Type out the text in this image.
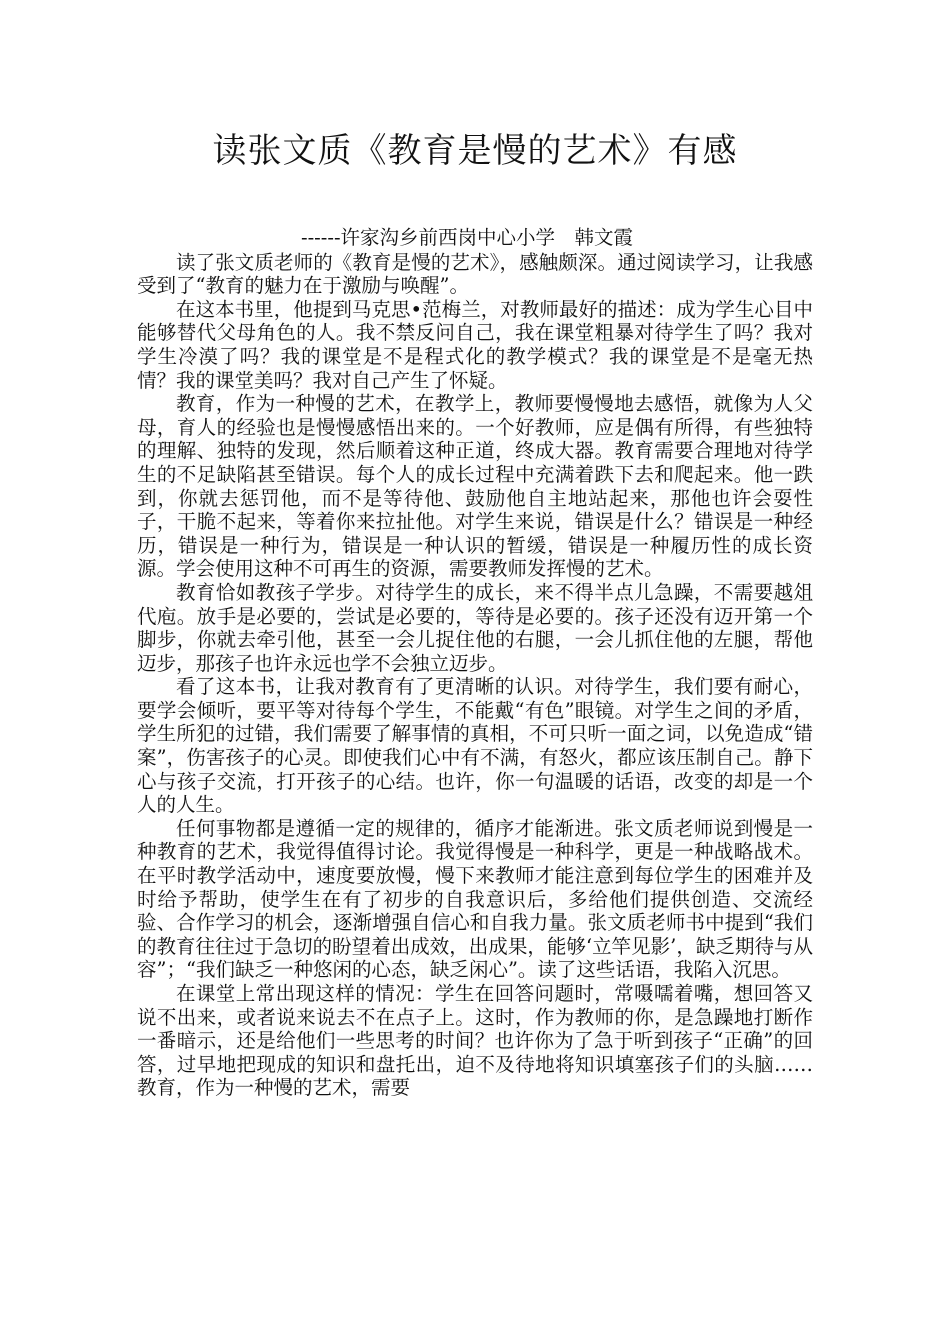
读张文质《教育是慢的艺术》有感

------许家沟乡前西岗中心小学　韩文霞

读了张文质老师的《教育是慢的艺术》，感触颇深。通过阅读学习，让我感受到了“教育的魅力在于激励与唤醒”。

在这本书里，他提到马克思•范梅兰，对教师最好的描述：成为学生心目中能够替代父母角色的人。我不禁反问自己，我在课堂粗暴对待学生了吗？我对学生冷漠了吗？我的课堂是不是程式化的教学模式？我的课堂是不是毫无热情？我的课堂美吗？我对自己产生了怀疑。

教育，作为一种慢的艺术，在教学上，教师要慢慢地去感悟，就像为人父母，育人的经验也是慢慢感悟出来的。一个好教师，应是偶有所得，有些独特的理解、独特的发现，然后顺着这种正道，终成大器。教育需要合理地对待学生的不足缺陷甚至错误。每个人的成长过程中充满着跌下去和爬起来。他一跌到，你就去惩罚他，而不是等待他、鼓励他自主地站起来，那他也许会耍性子，干脆不起来，等着你来拉扯他。对学生来说，错误是什么？错误是一种经历，错误是一种行为，错误是一种认识的暂缓，错误是一种履历性的成长资源。学会使用这种不可再生的资源，需要教师发挥慢的艺术。

教育恰如教孩子学步。对待学生的成长，来不得半点儿急躁，不需要越俎代庖。放手是必要的，尝试是必要的，等待是必要的。孩子还没有迈开第一个脚步，你就去牵引他，甚至一会儿捉住他的右腿，一会儿抓住他的左腿，帮他迈步，那孩子也许永远也学不会独立迈步。

看了这本书，让我对教育有了更清晰的认识。对待学生，我们要有耐心，要学会倾听，要平等对待每个学生，不能戴“有色”眼镜。对学生之间的矛盾，学生所犯的过错，我们需要了解事情的真相，不可只听一面之词，以免造成“错案”，伤害孩子的心灵。即使我们心中有不满，有怒火，都应该压制自己。静下心与孩子交流，打开孩子的心结。也许，你一句温暖的话语，改变的却是一个人的人生。

任何事物都是遵循一定的规律的，循序才能渐进。张文质老师说到慢是一种教育的艺术，我觉得值得讨论。我觉得慢是一种科学，更是一种战略战术。在平时教学活动中，速度要放慢，慢下来教师才能注意到每位学生的困难并及时给予帮助，使学生在有了初步的自我意识后，多给他们提供创造、交流经验、合作学习的机会，逐渐增强自信心和自我力量。张文质老师书中提到“我们的教育往往过于急切的盼望着出成效，出成果，能够‘立竿见影’，缺乏期待与从容”；“我们缺乏一种悠闲的心态，缺乏闲心”。读了这些话语，我陷入沉思。

在课堂上常出现这样的情况：学生在回答问题时，常嗫嚅着嘴，想回答又说不出来，或者说来说去不在点子上。这时，作为教师的你，是急躁地打断作一番暗示，还是给他们一些思考的时间？也许你为了急于听到孩子“正确”的回答，过早地把现成的知识和盘托出，迫不及待地将知识填塞孩子们的头脑……教育，作为一种慢的艺术，需要
